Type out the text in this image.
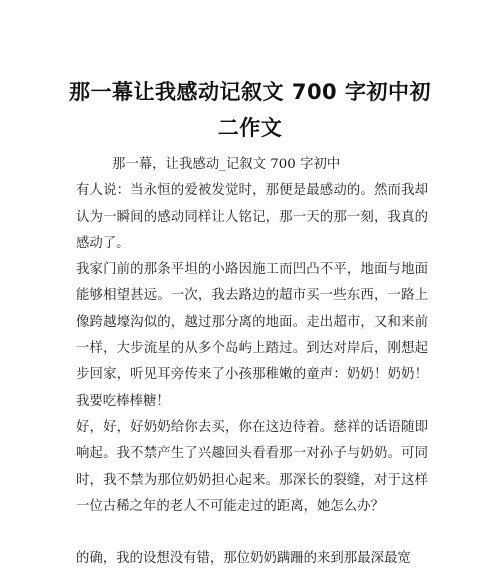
那一幕让我感动记叙文 700 字初中初二作文

那一幕，让我感动_记叙文 700 字初中

有人说：当永恒的爱被发觉时，那便是最感动的。然而我却认为一瞬间的感动同样让人铭记，那一天的那一刻，我真的感动了。

我家门前的那条平坦的小路因施工而凹凸不平，地面与地面能够相望甚远。一次，我去路边的超市买一些东西，一路上像跨越壕沟似的，越过那分离的地面。走出超市，又和来前一样，大步流星的从多个岛屿上踏过。到达对岸后，刚想起步回家，听见耳旁传来了小孩那稚嫩的童声：奶奶！奶奶！我要吃棒棒糖！

好，好，好奶奶给你去买，你在这边待着。慈祥的话语随即响起。我不禁产生了兴趣回头看看那一对孙子与奶奶。可同时，我不禁为那位奶奶担心起来。那深长的裂缝，对于这样一位古稀之年的老人不可能走过的距离，她怎么办？

的确，我的设想没有错，那位奶奶蹒跚的来到那最深最宽
